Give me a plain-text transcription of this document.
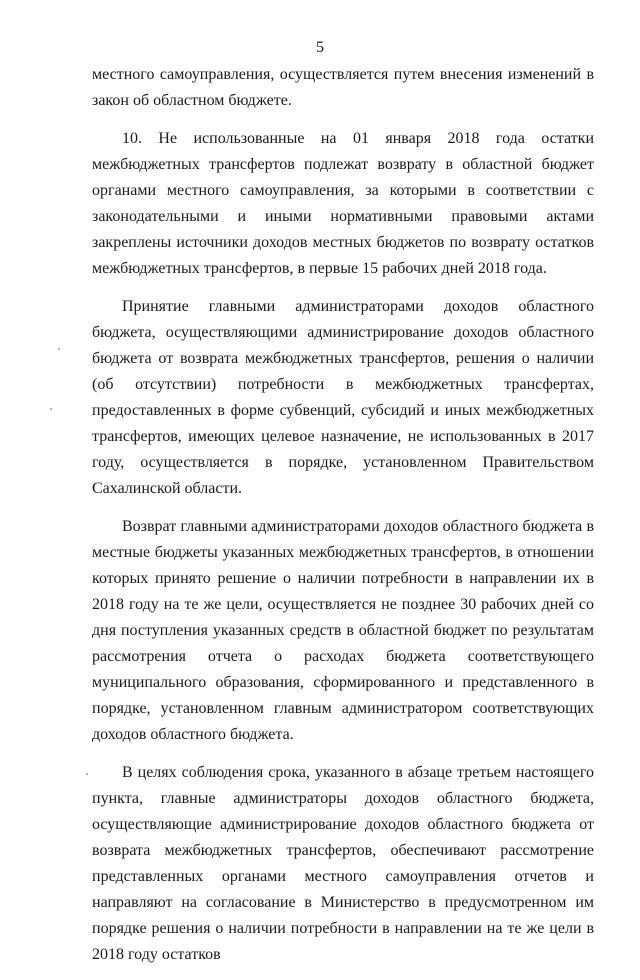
5

местного самоуправления, осуществляется путем внесения изменений в закон об областном бюджете.

10. Не использованные на 01 января 2018 года остатки межбюджетных трансфертов подлежат возврату в областной бюджет органами местного самоуправления, за которыми в соответствии с законодательными и иными нормативными правовыми актами закреплены источники доходов местных бюджетов по возврату остатков межбюджетных трансфертов, в первые 15 рабочих дней 2018 года.

Принятие главными администраторами доходов областного бюджета, осуществляющими администрирование доходов областного бюджета от возврата межбюджетных трансфертов, решения о наличии (об отсутствии) потребности в межбюджетных трансфертах, предоставленных в форме субвенций, субсидий и иных межбюджетных трансфертов, имеющих целевое назначение, не использованных в 2017 году, осуществляется в порядке, установленном Правительством Сахалинской области.

Возврат главными администраторами доходов областного бюджета в местные бюджеты указанных межбюджетных трансфертов, в отношении которых принято решение о наличии потребности в направлении их в 2018 году на те же цели, осуществляется не позднее 30 рабочих дней со дня поступления указанных средств в областной бюджет по результатам рассмотрения отчета о расходах бюджета соответствующего муниципального образования, сформированного и представленного в порядке, установленном главным администратором соответствующих доходов областного бюджета.

В целях соблюдения срока, указанного в абзаце третьем настоящего пункта, главные администраторы доходов областного бюджета, осуществляющие администрирование доходов областного бюджета от возврата межбюджетных трансфертов, обеспечивают рассмотрение представленных органами местного самоуправления отчетов и направляют на согласование в Министерство в предусмотренном им порядке решения о наличии потребности в направлении на те же цели в 2018 году остатков
